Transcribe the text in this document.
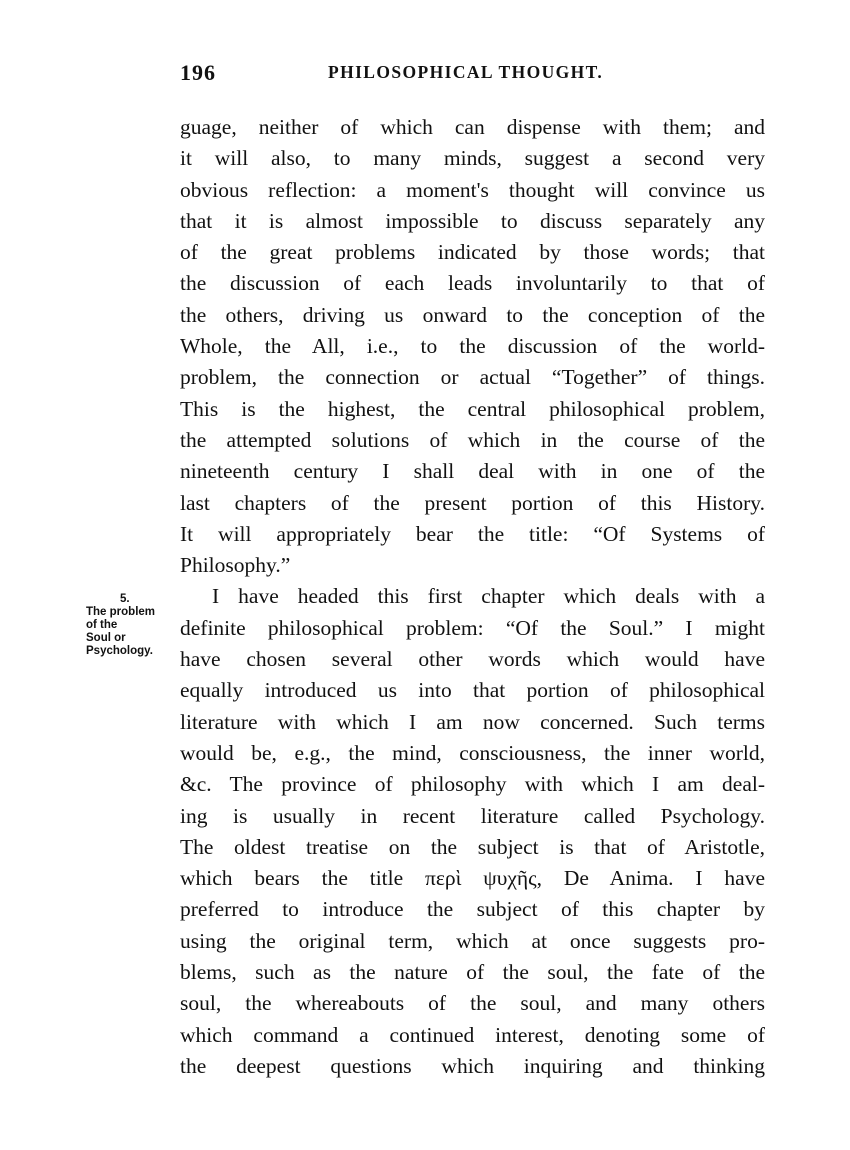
196	PHILOSOPHICAL THOUGHT.
5.
The problem
of the
Soul or
Psychology.
guage, neither of which can dispense with them; and
it will also, to many minds, suggest a second very
obvious reflection: a moment's thought will convince us
that it is almost impossible to discuss separately any
of the great problems indicated by those words; that
the discussion of each leads involuntarily to that of
the others, driving us onward to the conception of the
Whole, the All, i.e., to the discussion of the world-
problem, the connection or actual “Together” of things.
This is the highest, the central philosophical problem,
the attempted solutions of which in the course of the
nineteenth century I shall deal with in one of the
last chapters of the present portion of this History.
It will appropriately bear the title: “Of Systems of
Philosophy.”
I have headed this first chapter which deals with a
definite philosophical problem: “Of the Soul.” I might
have chosen several other words which would have
equally introduced us into that portion of philosophical
literature with which I am now concerned. Such terms
would be, e.g., the mind, consciousness, the inner world,
&c. The province of philosophy with which I am deal-
ing is usually in recent literature called Psychology.
The oldest treatise on the subject is that of Aristotle,
which bears the title περὶ ψυχῆς, De Anima. I have
preferred to introduce the subject of this chapter by
using the original term, which at once suggests pro-
blems, such as the nature of the soul, the fate of the
soul, the whereabouts of the soul, and many others
which command a continued interest, denoting some of
the deepest questions which inquiring and thinking
